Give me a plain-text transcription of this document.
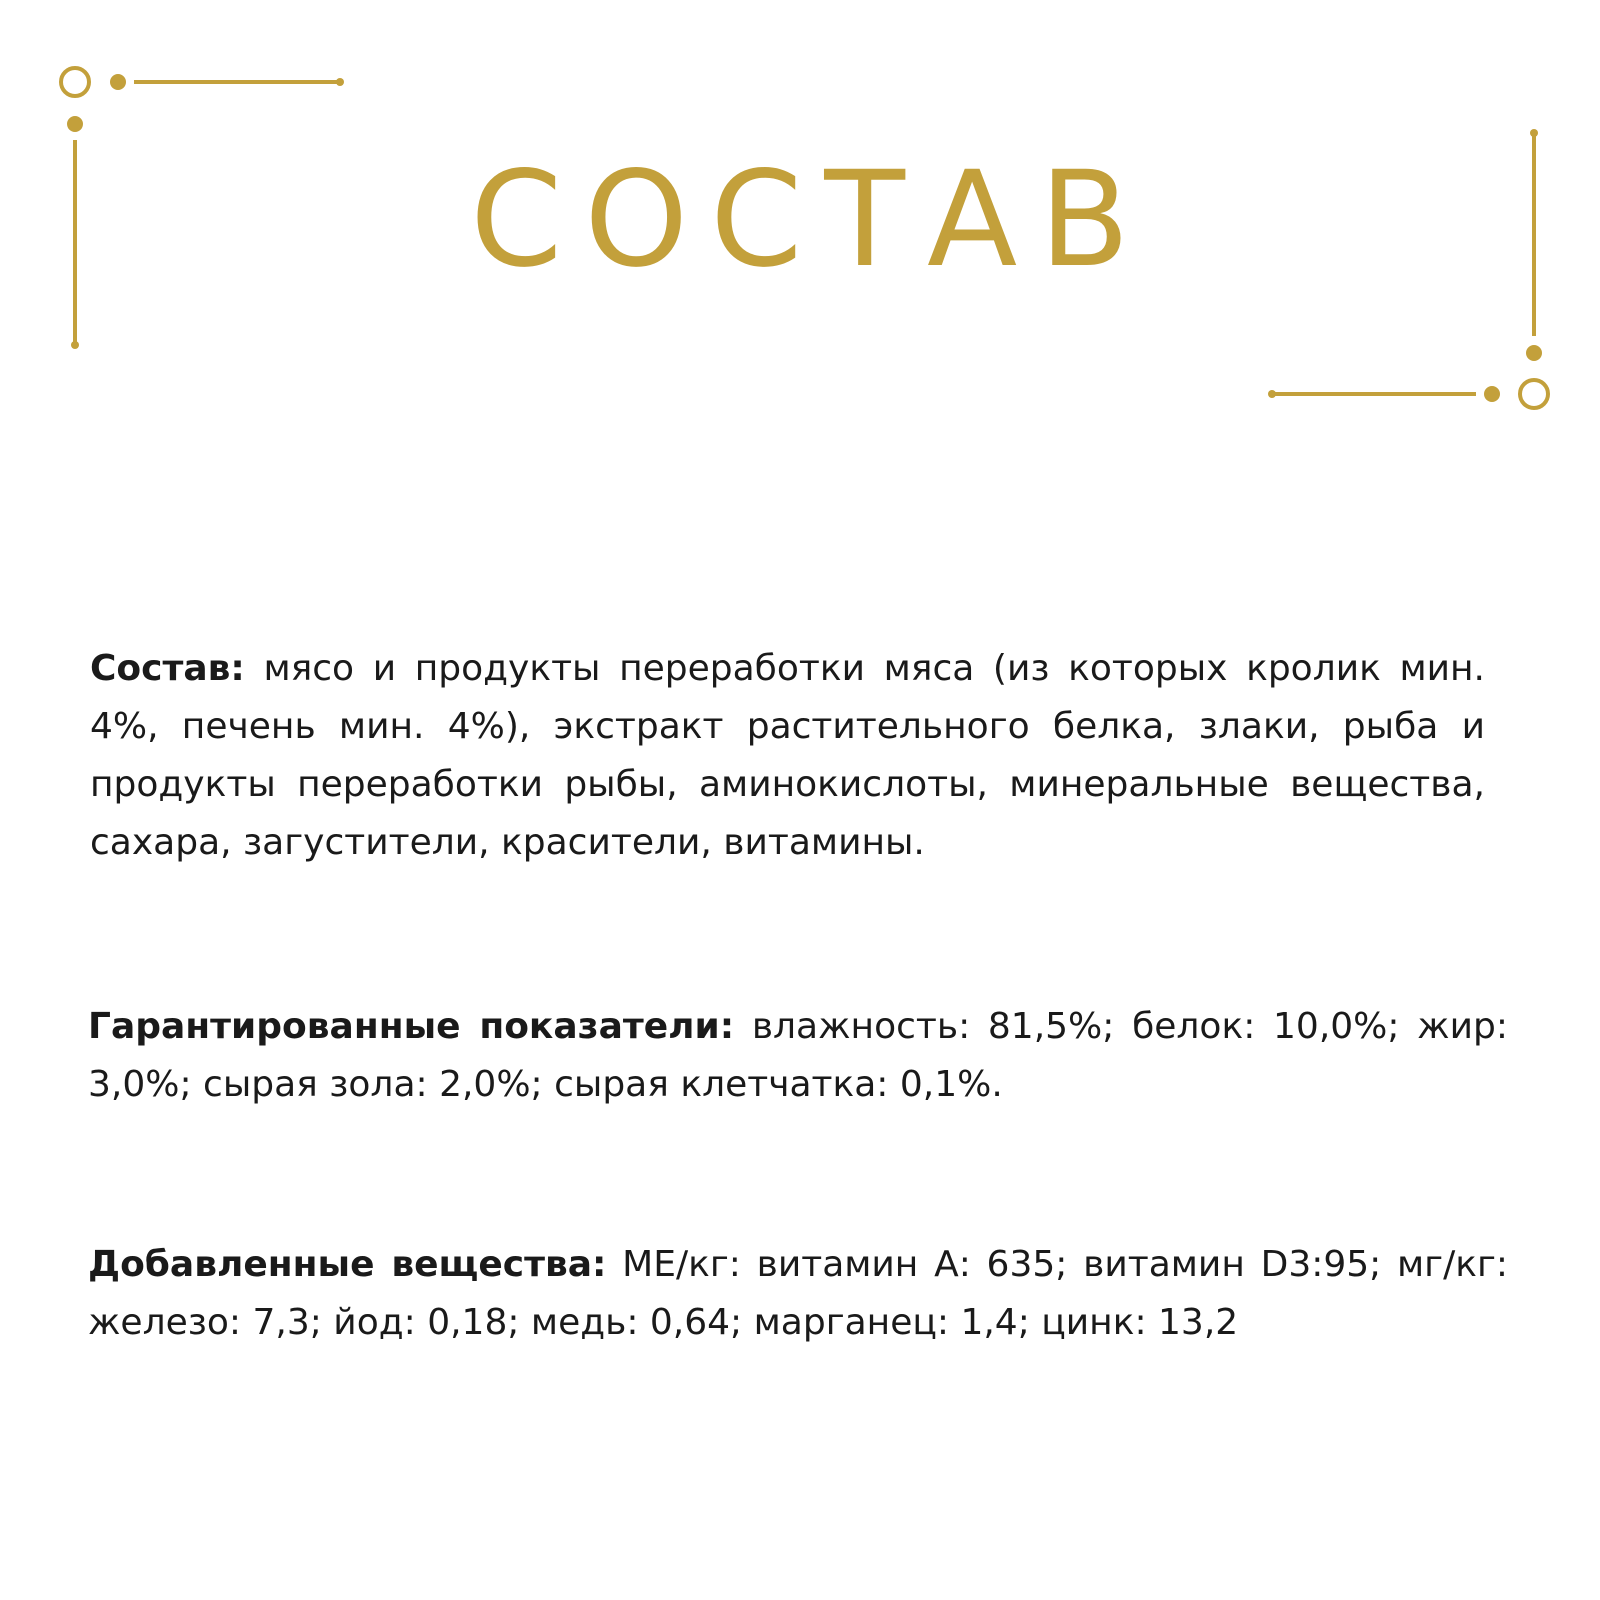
СОСТАВ

Состав: мясо и продукты переработки мяса (из которых кролик мин. 4%, печень мин. 4%), экстракт растительного белка, злаки, рыба и продукты переработки рыбы, аминокислоты, минеральные вещества, сахара, загустители, красители, витамины.

Гарантированные показатели: влажность: 81,5%; белок: 10,0%; жир: 3,0%; сырая зола: 2,0%; сырая клетчатка: 0,1%.

Добавленные вещества: МЕ/кг: витамин А: 635; витамин D3:95; мг/кг: железо: 7,3; йод: 0,18; медь: 0,64; марганец: 1,4; цинк: 13,2
